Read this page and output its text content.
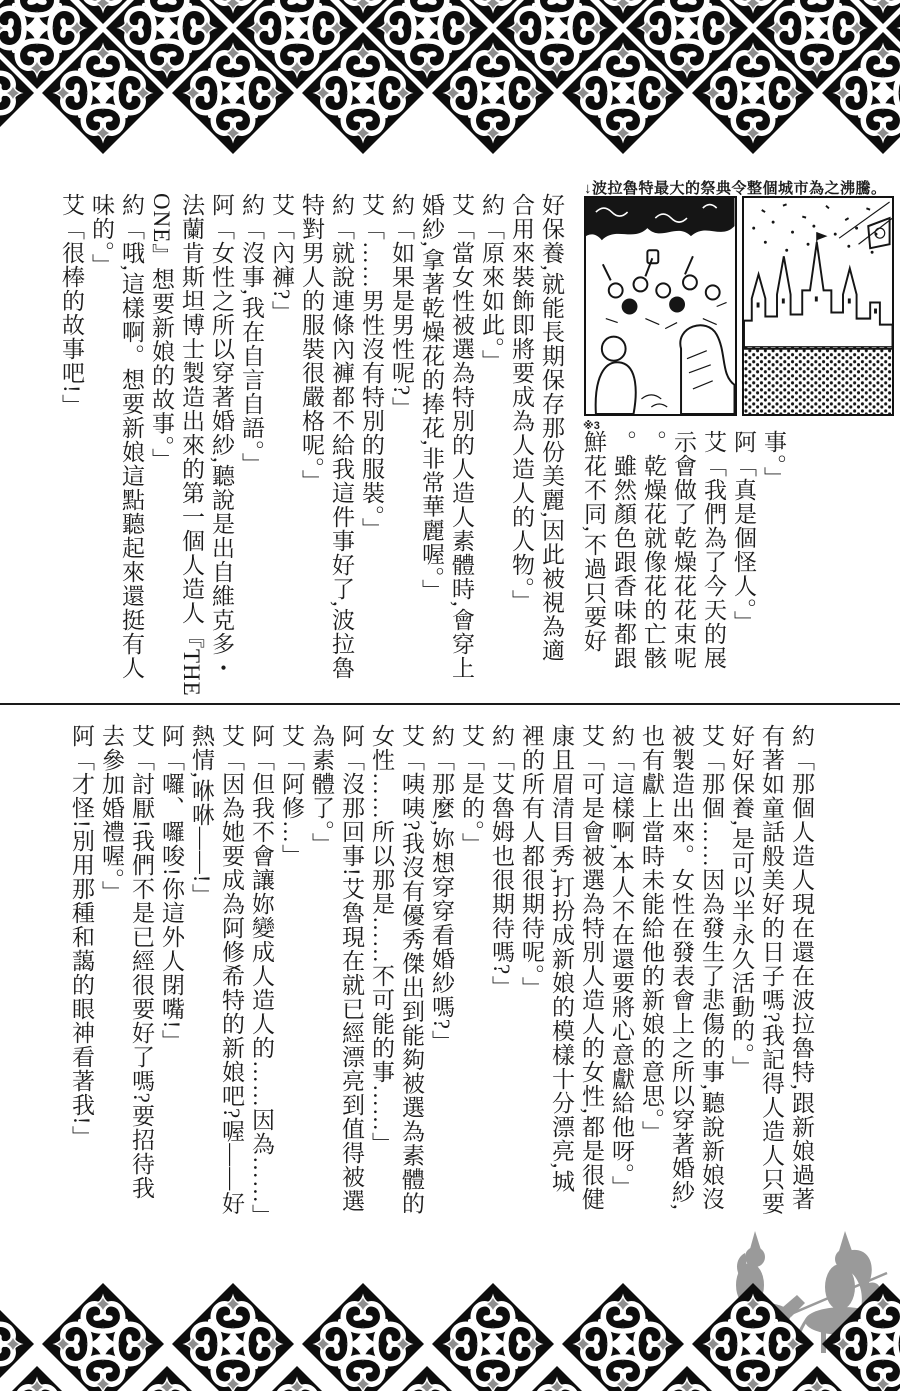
↓波拉魯特最大的祭典令整個城市為之沸騰。
※3
事。」
阿「真是個怪人。」
艾「我們為了今天的展
示會做了乾燥花花束呢
。乾燥花就像花的亡骸
。雖然顏色跟香味都跟
鮮花不同,不過只要好
好保養,就能長期保存那份美麗,因此被視為適
合用來裝飾即將要成為人造人的人物。」
約「原來如此。」
艾「當女性被選為特別的人造人素體時,會穿上
婚紗,拿著乾燥花的捧花,非常華麗喔。」
約「如果是男性呢?」
艾「……男性沒有特別的服裝。」
約「就說連條內褲都不給我這件事好了,波拉魯
特對男人的服裝很嚴格呢。」
艾「內褲?」
約「沒事,我在自言自語。」
阿「女性之所以穿著婚紗,聽說是出自維克多・
法蘭肯斯坦博士製造出來的第一個人造人『THE
ONE』想要新娘的故事。」
約「哦,這樣啊。想要新娘這點聽起來還挺有人
味的。」
艾「很棒的故事吧!」
約「那個人造人現在還在波拉魯特,跟新娘過著
有著如童話般美好的日子嗎?我記得人造人只要
好好保養,是可以半永久活動的。」
艾「那個……因為發生了悲傷的事,聽說新娘沒
被製造出來。女性在發表會上之所以穿著婚紗,
也有獻上當時未能給他的新娘的意思。」
約「這樣啊,本人不在還要將心意獻給他呀。」
艾「可是會被選為特別人造人的女性,都是很健
康且眉清目秀,打扮成新娘的模樣十分漂亮,城
裡的所有人都很期待呢。」
約「艾魯姆也很期待嗎?」
艾「是的。」
約「那麼,妳想穿穿看婚紗嗎?」
艾「咦咦?我沒有優秀傑出到能夠被選為素體的
女性……所以那是……不可能的事……」
阿「沒那回事!艾魯現在就已經漂亮到值得被選
為素體了。」
艾「阿修…」
阿「但我不會讓妳變成人造人的……因為……」
艾「因為她要成為阿修希特的新娘吧?喔——好
熱情,咻咻——!」
阿「囉、囉唆!你這外人閉嘴!」
艾「討厭!我們不是已經很要好了嗎?要招待我
去參加婚禮喔。」
阿「才怪!別用那種和藹的眼神看著我!」
